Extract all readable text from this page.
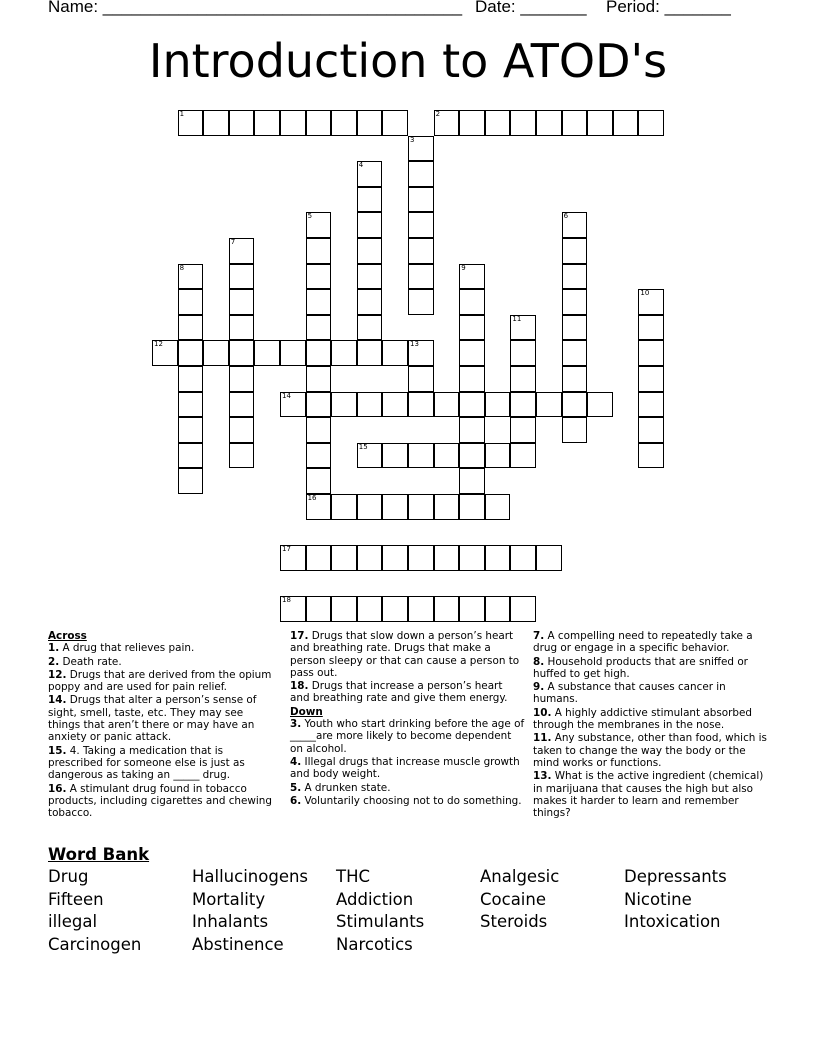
Name: ______________________________________ Date: _______ Period: _______
Introduction to ATOD's
1	2
3
4
5
16
6
7
8	9
10
11
12	13
14
15
17
18
Across
1. A drug that relieves pain.
2. Death rate.
12. Drugs that are derived from the opium poppy and are used for pain relief.
14. Drugs that alter a person’s sense of sight, smell, taste, etc. They may see things that aren’t there or may have an anxiety or panic attack.
15. 4. Taking a medication that is prescribed for someone else is just as dangerous as taking an _____ drug.
16. A stimulant drug found in tobacco products, including cigarettes and chewing tobacco.
17. Drugs that slow down a person’s heart and breathing rate. Drugs that make a person sleepy or that can cause a person to pass out.
18. Drugs that increase a person’s heart and breathing rate and give them energy.
Down
3. Youth who start drinking before the age of _____are more likely to become dependent on alcohol.
4. Illegal drugs that increase muscle growth and body weight.
5. A drunken state.
6. Voluntarily choosing not to do something.
7. A compelling need to repeatedly take a drug or engage in a specific behavior.
8. Household products that are sniffed or huffed to get high.
9. A substance that causes cancer in humans.
10. A highly addictive stimulant absorbed through the membranes in the nose.
11. Any substance, other than food, which is taken to change the way the body or the mind works or functions.
13. What is the active ingredient (chemical) in marijuana that causes the high but also makes it harder to learn and remember things?
Word Bank
Drug	Hallucinogens	THC	Analgesic	Depressants
Fifteen	Mortality	Addiction	Cocaine	Nicotine
illegal	Inhalants	Stimulants	Steroids	Intoxication
Carcinogen	Abstinence	Narcotics
